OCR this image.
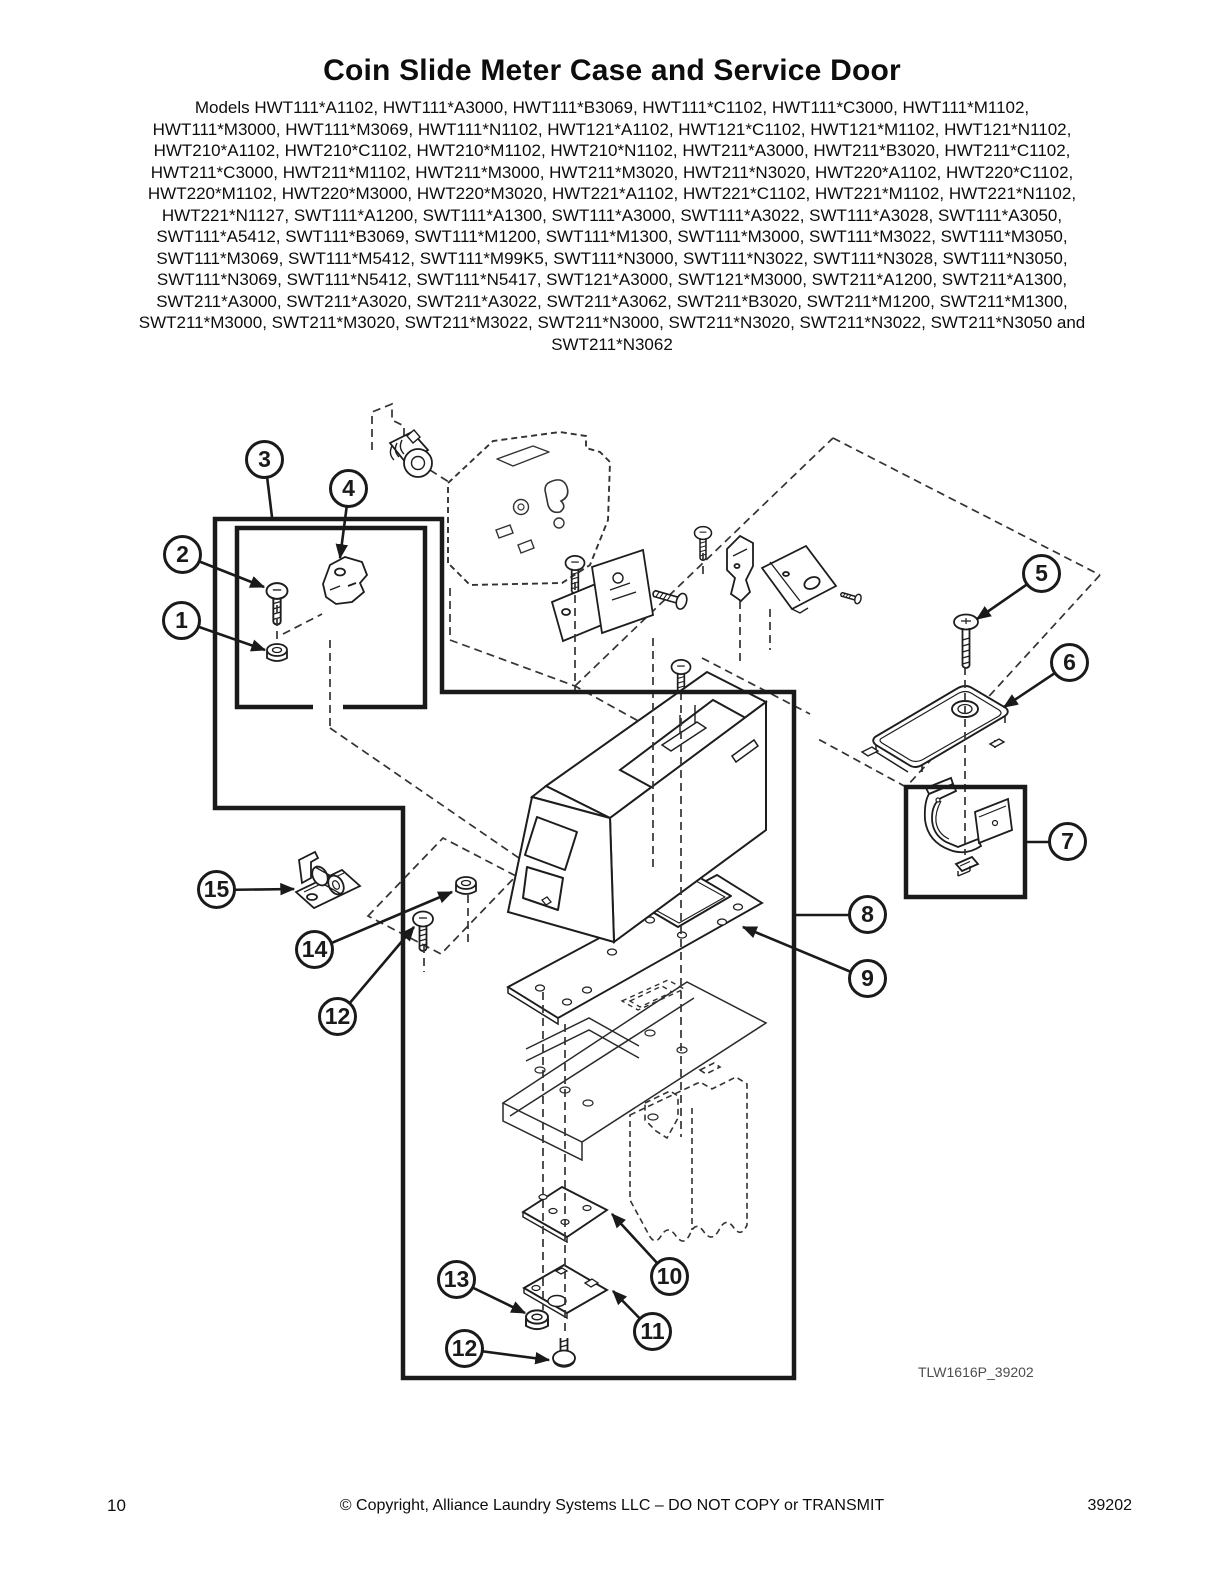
1
2
3
4
5
6
7
8
9
10
11
12
12
13
14
15
Coin Slide Meter Case and Service Door
Models HWT111*A1102, HWT111*A3000, HWT111*B3069, HWT111*C1102, HWT111*C3000, HWT111*M1102,
HWT111*M3000, HWT111*M3069, HWT111*N1102, HWT121*A1102, HWT121*C1102, HWT121*M1102, HWT121*N1102,
HWT210*A1102, HWT210*C1102, HWT210*M1102, HWT210*N1102, HWT211*A3000, HWT211*B3020, HWT211*C1102,
HWT211*C3000, HWT211*M1102, HWT211*M3000, HWT211*M3020, HWT211*N3020, HWT220*A1102, HWT220*C1102,
HWT220*M1102, HWT220*M3000, HWT220*M3020, HWT221*A1102, HWT221*C1102, HWT221*M1102, HWT221*N1102,
HWT221*N1127, SWT111*A1200, SWT111*A1300, SWT111*A3000, SWT111*A3022, SWT111*A3028, SWT111*A3050,
SWT111*A5412, SWT111*B3069, SWT111*M1200, SWT111*M1300, SWT111*M3000, SWT111*M3022, SWT111*M3050,
SWT111*M3069, SWT111*M5412, SWT111*M99K5, SWT111*N3000, SWT111*N3022, SWT111*N3028, SWT111*N3050,
SWT111*N3069, SWT111*N5412, SWT111*N5417, SWT121*A3000, SWT121*M3000, SWT211*A1200, SWT211*A1300,
SWT211*A3000, SWT211*A3020, SWT211*A3022, SWT211*A3062, SWT211*B3020, SWT211*M1200, SWT211*M1300,
SWT211*M3000, SWT211*M3020, SWT211*M3022, SWT211*N3000, SWT211*N3020, SWT211*N3022, SWT211*N3050 and
SWT211*N3062
TLW1616P_39202
10	© Copyright, Alliance Laundry Systems LLC – DO NOT COPY or TRANSMIT	39202
